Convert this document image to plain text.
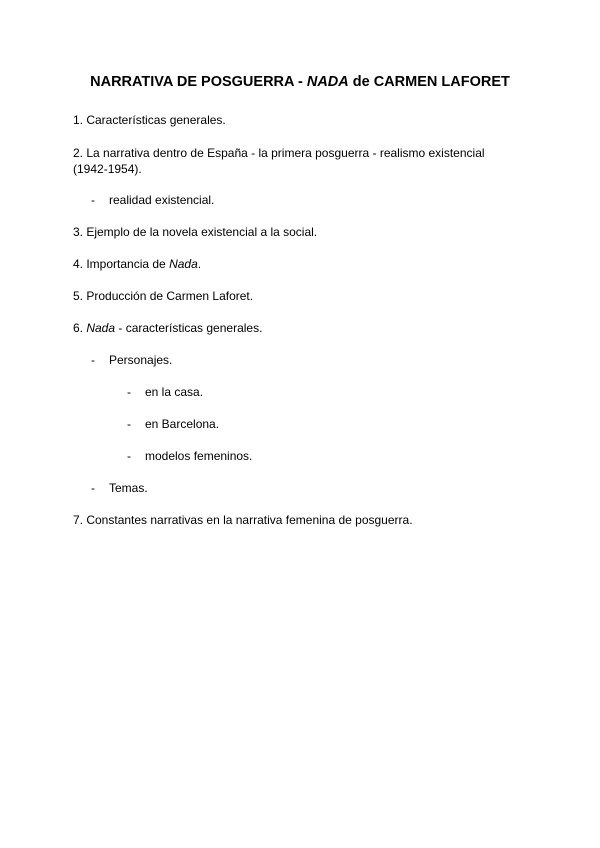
NARRATIVA DE POSGUERRA - NADA de CARMEN LAFORET
1. Características generales.
2. La narrativa dentro de España - la primera posguerra - realismo existencial
(1942-1954).
- realidad existencial.
3. Ejemplo de la novela existencial a la social.
4. Importancia de Nada.
5. Producción de Carmen Laforet.
6. Nada - características generales.
- Personajes.
- en la casa.
- en Barcelona.
- modelos femeninos.
- Temas.
7. Constantes narrativas en la narrativa femenina de posguerra.
